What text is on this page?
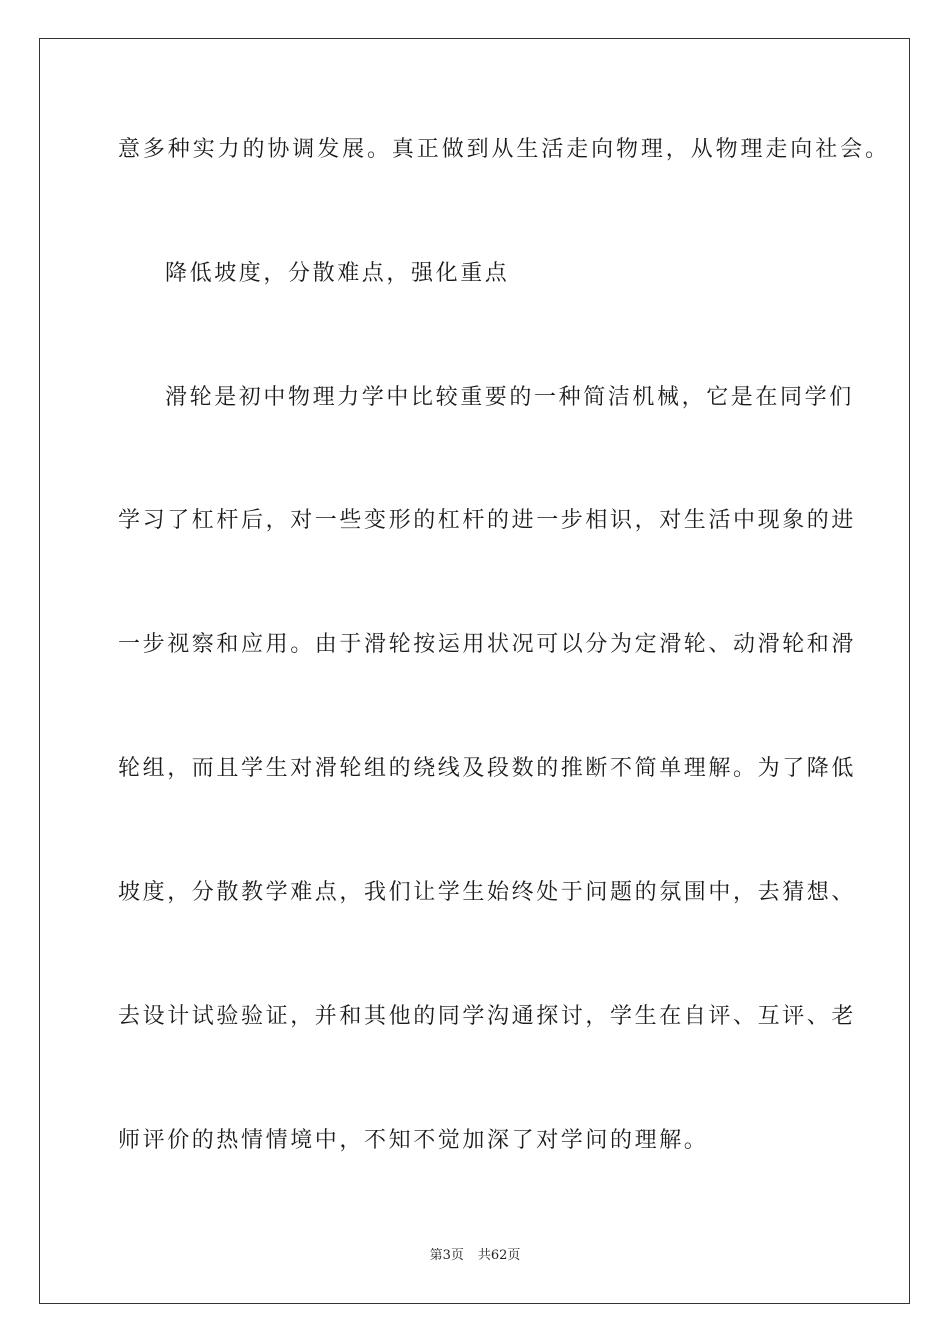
意多种实力的协调发展。真正做到从生活走向物理，从物理走向社会。
降低坡度，分散难点，强化重点
滑轮是初中物理力学中比较重要的一种简洁机械，它是在同学们
学习了杠杆后，对一些变形的杠杆的进一步相识，对生活中现象的进
一步视察和应用。由于滑轮按运用状况可以分为定滑轮、动滑轮和滑
轮组，而且学生对滑轮组的绕线及段数的推断不简单理解。为了降低
坡度，分散教学难点，我们让学生始终处于问题的氛围中，去猜想、
去设计试验验证，并和其他的同学沟通探讨，学生在自评、互评、老
师评价的热情情境中，不知不觉加深了对学问的理解。
第3页 共62页
